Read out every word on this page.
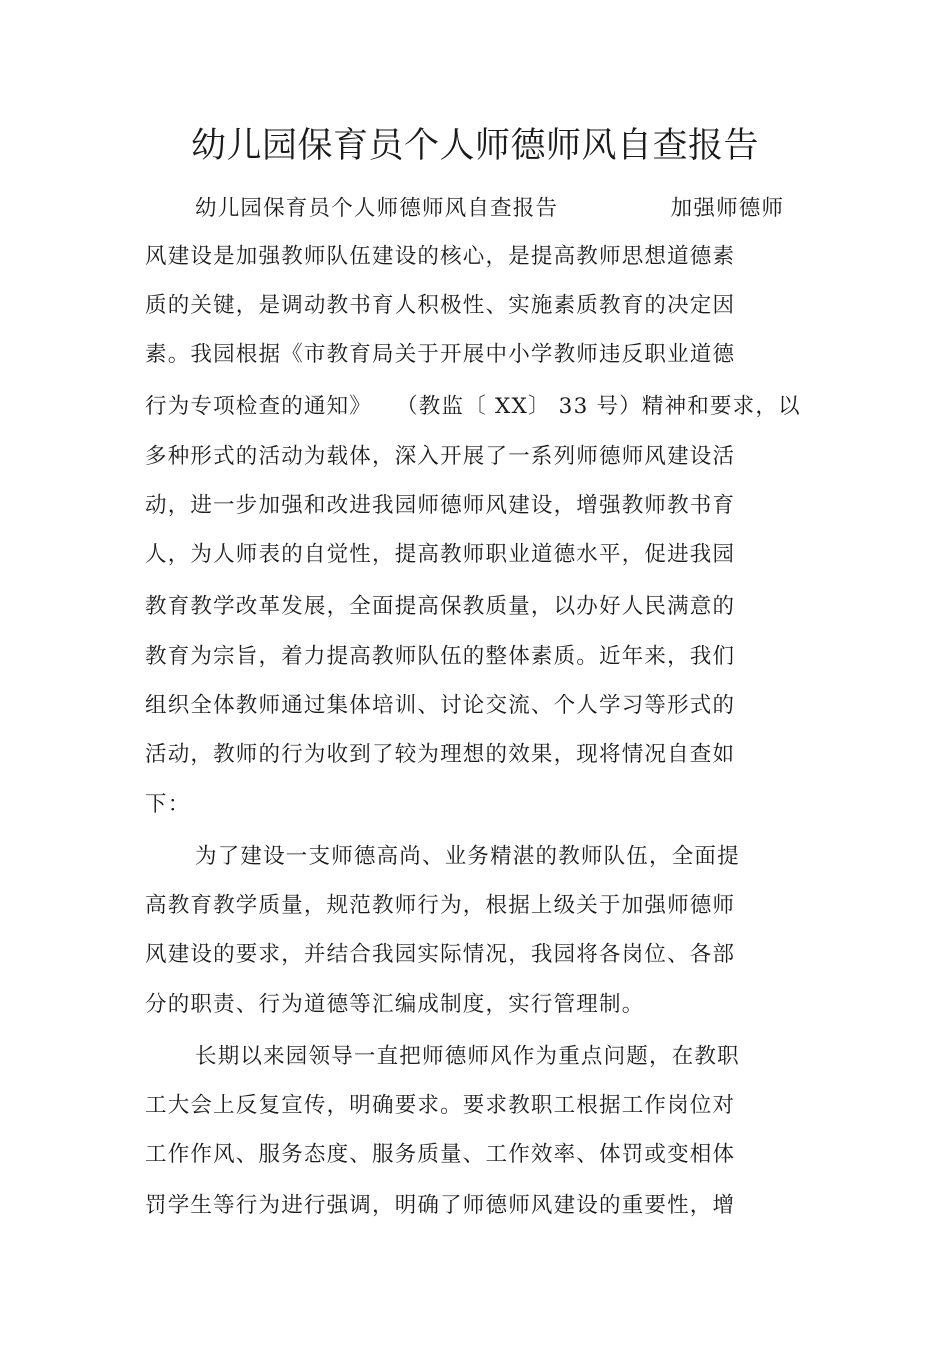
幼儿园保育员个人师德师风自查报告
幼儿园保育员个人师德师风自查报告              加强师德师
风建设是加强教师队伍建设的核心，是提高教师思想道德素
质的关键，是调动教书育人积极性、实施素质教育的决定因
素。我园根据《市教育局关于开展中小学教师违反职业道德
行为专项检查的通知》   （教监〔 XX〕 33 号）精神和要求，以
多种形式的活动为载体，深入开展了一系列师德师风建设活
动，进一步加强和改进我园师德师风建设，增强教师教书育
人，为人师表的自觉性，提高教师职业道德水平，促进我园
教育教学改革发展，全面提高保教质量，以办好人民满意的
教育为宗旨，着力提高教师队伍的整体素质。近年来，我们
组织全体教师通过集体培训、讨论交流、个人学习等形式的
活动，教师的行为收到了较为理想的效果，现将情况自查如
下：
为了建设一支师德高尚、业务精湛的教师队伍，全面提
高教育教学质量，规范教师行为，根据上级关于加强师德师
风建设的要求，并结合我园实际情况，我园将各岗位、各部
分的职责、行为道德等汇编成制度，实行管理制。
长期以来园领导一直把师德师风作为重点问题，在教职
工大会上反复宣传，明确要求。要求教职工根据工作岗位对
工作作风、服务态度、服务质量、工作效率、体罚或变相体
罚学生等行为进行强调，明确了师德师风建设的重要性，增
